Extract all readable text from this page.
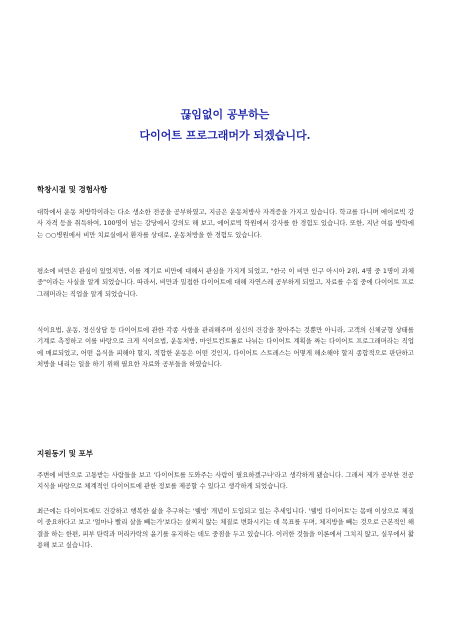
끊임없이 공부하는
다이어트 프로그래머가 되겠습니다.
학창시절 및 경험사항

대학에서 운동 처방학이라는 다소 생소한 전공을 공부하였고, 지금은 운동처방사 자격증을 가지고 있습니다. 학교를 다니며 에어로빅 강사 자격 등을 취득하여, 100명이 넘는 강당에서 강의도 해 보고, 에어로빅 학원에서 강사를 한 경험도 있습니다. 또한, 지난 여름 방학에는 ○○병원에서 비만 치료실에서 환자를 상대로, 운동처방을 한 경험도 있습니다.

평소에 비만은 관심이 있었지만, 이를 계기로 비만에 대해서 관심을 가지게 되었고, "한국 이 비만 인구 아시아 2위, 4명 중 1명이 과체중"이라는 사실을 알게 되었습니다. 따라서, 비만과 밀접한 다이어트에 대해 자연스레 공부하게 되었고, 자료를 수집 중에 다이어트 프로그래머라는 직업을 알게 되었습니다.

식이요법, 운동, 정신상담 등 다이어트에 관한 각종 사항을 관리해주며 심신의 건강을 찾아주는 것뿐만 아니라, 고객의 신체균형 상태를 기계로 측정하고 이를 바탕으로 크게 식이요법, 운동처방, 마인트컨트롤로 나뉘는 다이어트 계획을 짜는 다이어트 프로그래머라는 직업에 매료되었고, 어떤 음식을 피해야 할지, 적합한 운동은 어떤 것인지, 다이어트 스트레스는 어떻게 해소해야 할지 종합적으로 판단하고 처방을 내리는 일을 하기 위해 필요한 자료와 공부들을 하였습니다.

지원동기 및 포부

주변에 비만으로 고통받는 사람들을 보고 '다이어트를 도와주는 사람이 필요하겠구나'라고 생각하게 됐습니다. 그래서 제가 공부한 전공지식을 바탕으로 체계적인 다이어트에 관한 정보를 제공할 수 있다고 생각하게 되었습니다.

최근에는 다이어트에도 건강하고 행복한 삶을 추구하는 '웰빙' 개념이 도입되고 있는 추세입니다. '웰빙 다이어트'는 몸매 이상으로 체질이 중요하다고 보고 '얼마나 빨리 살을 빼는가'보다는 살찌지 않는 체질로 변화시키는 데 목표를 두며, 체지방을 빼는 것으로 근본적인 해결을 하는 한편, 피부 탄력과 머리카락의 윤기를 유지하는 데도 중점을 두고 있습니다. 이러한 것들을 이론에서 그치지 않고, 실무에서 활용해 보고 싶습니다.
